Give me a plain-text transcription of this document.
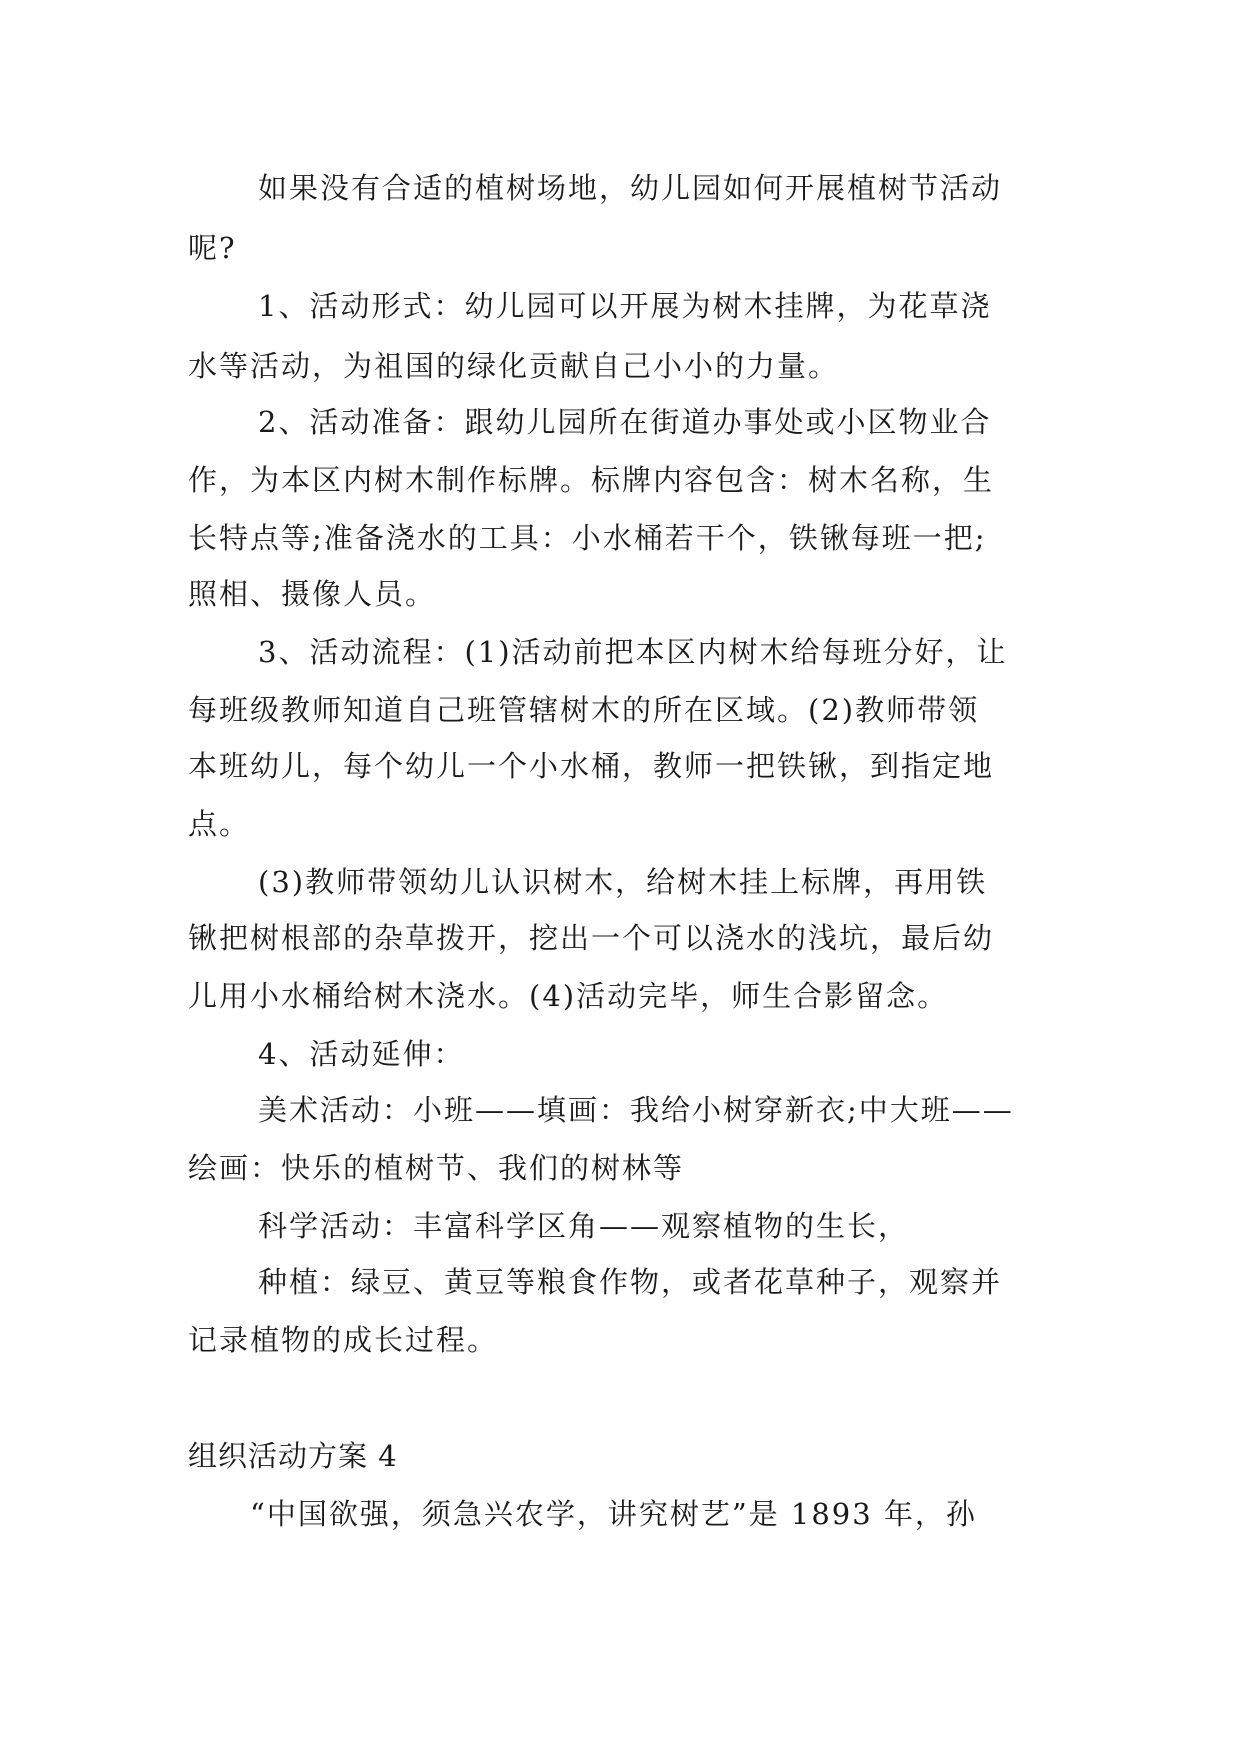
如果没有合适的植树场地，幼儿园如何开展植树节活动
呢?
1、活动形式：幼儿园可以开展为树木挂牌，为花草浇
水等活动，为祖国的绿化贡献自己小小的力量。
2、活动准备：跟幼儿园所在街道办事处或小区物业合
作，为本区内树木制作标牌。标牌内容包含：树木名称，生
长特点等;准备浇水的工具：小水桶若干个，铁锹每班一把;
照相、摄像人员。
3、活动流程：(1)活动前把本区内树木给每班分好，让
每班级教师知道自己班管辖树木的所在区域。(2)教师带领
本班幼儿，每个幼儿一个小水桶，教师一把铁锹，到指定地
点。
(3)教师带领幼儿认识树木，给树木挂上标牌，再用铁
锹把树根部的杂草拨开，挖出一个可以浇水的浅坑，最后幼
儿用小水桶给树木浇水。(4)活动完毕，师生合影留念。
4、活动延伸：
美术活动：小班——填画：我给小树穿新衣;中大班——
绘画：快乐的植树节、我们的树林等
科学活动：丰富科学区角——观察植物的生长，
种植：绿豆、黄豆等粮食作物，或者花草种子，观察并
记录植物的成长过程。
组织活动方案 4
“中国欲强，须急兴农学，讲究树艺”是 1893 年，孙
